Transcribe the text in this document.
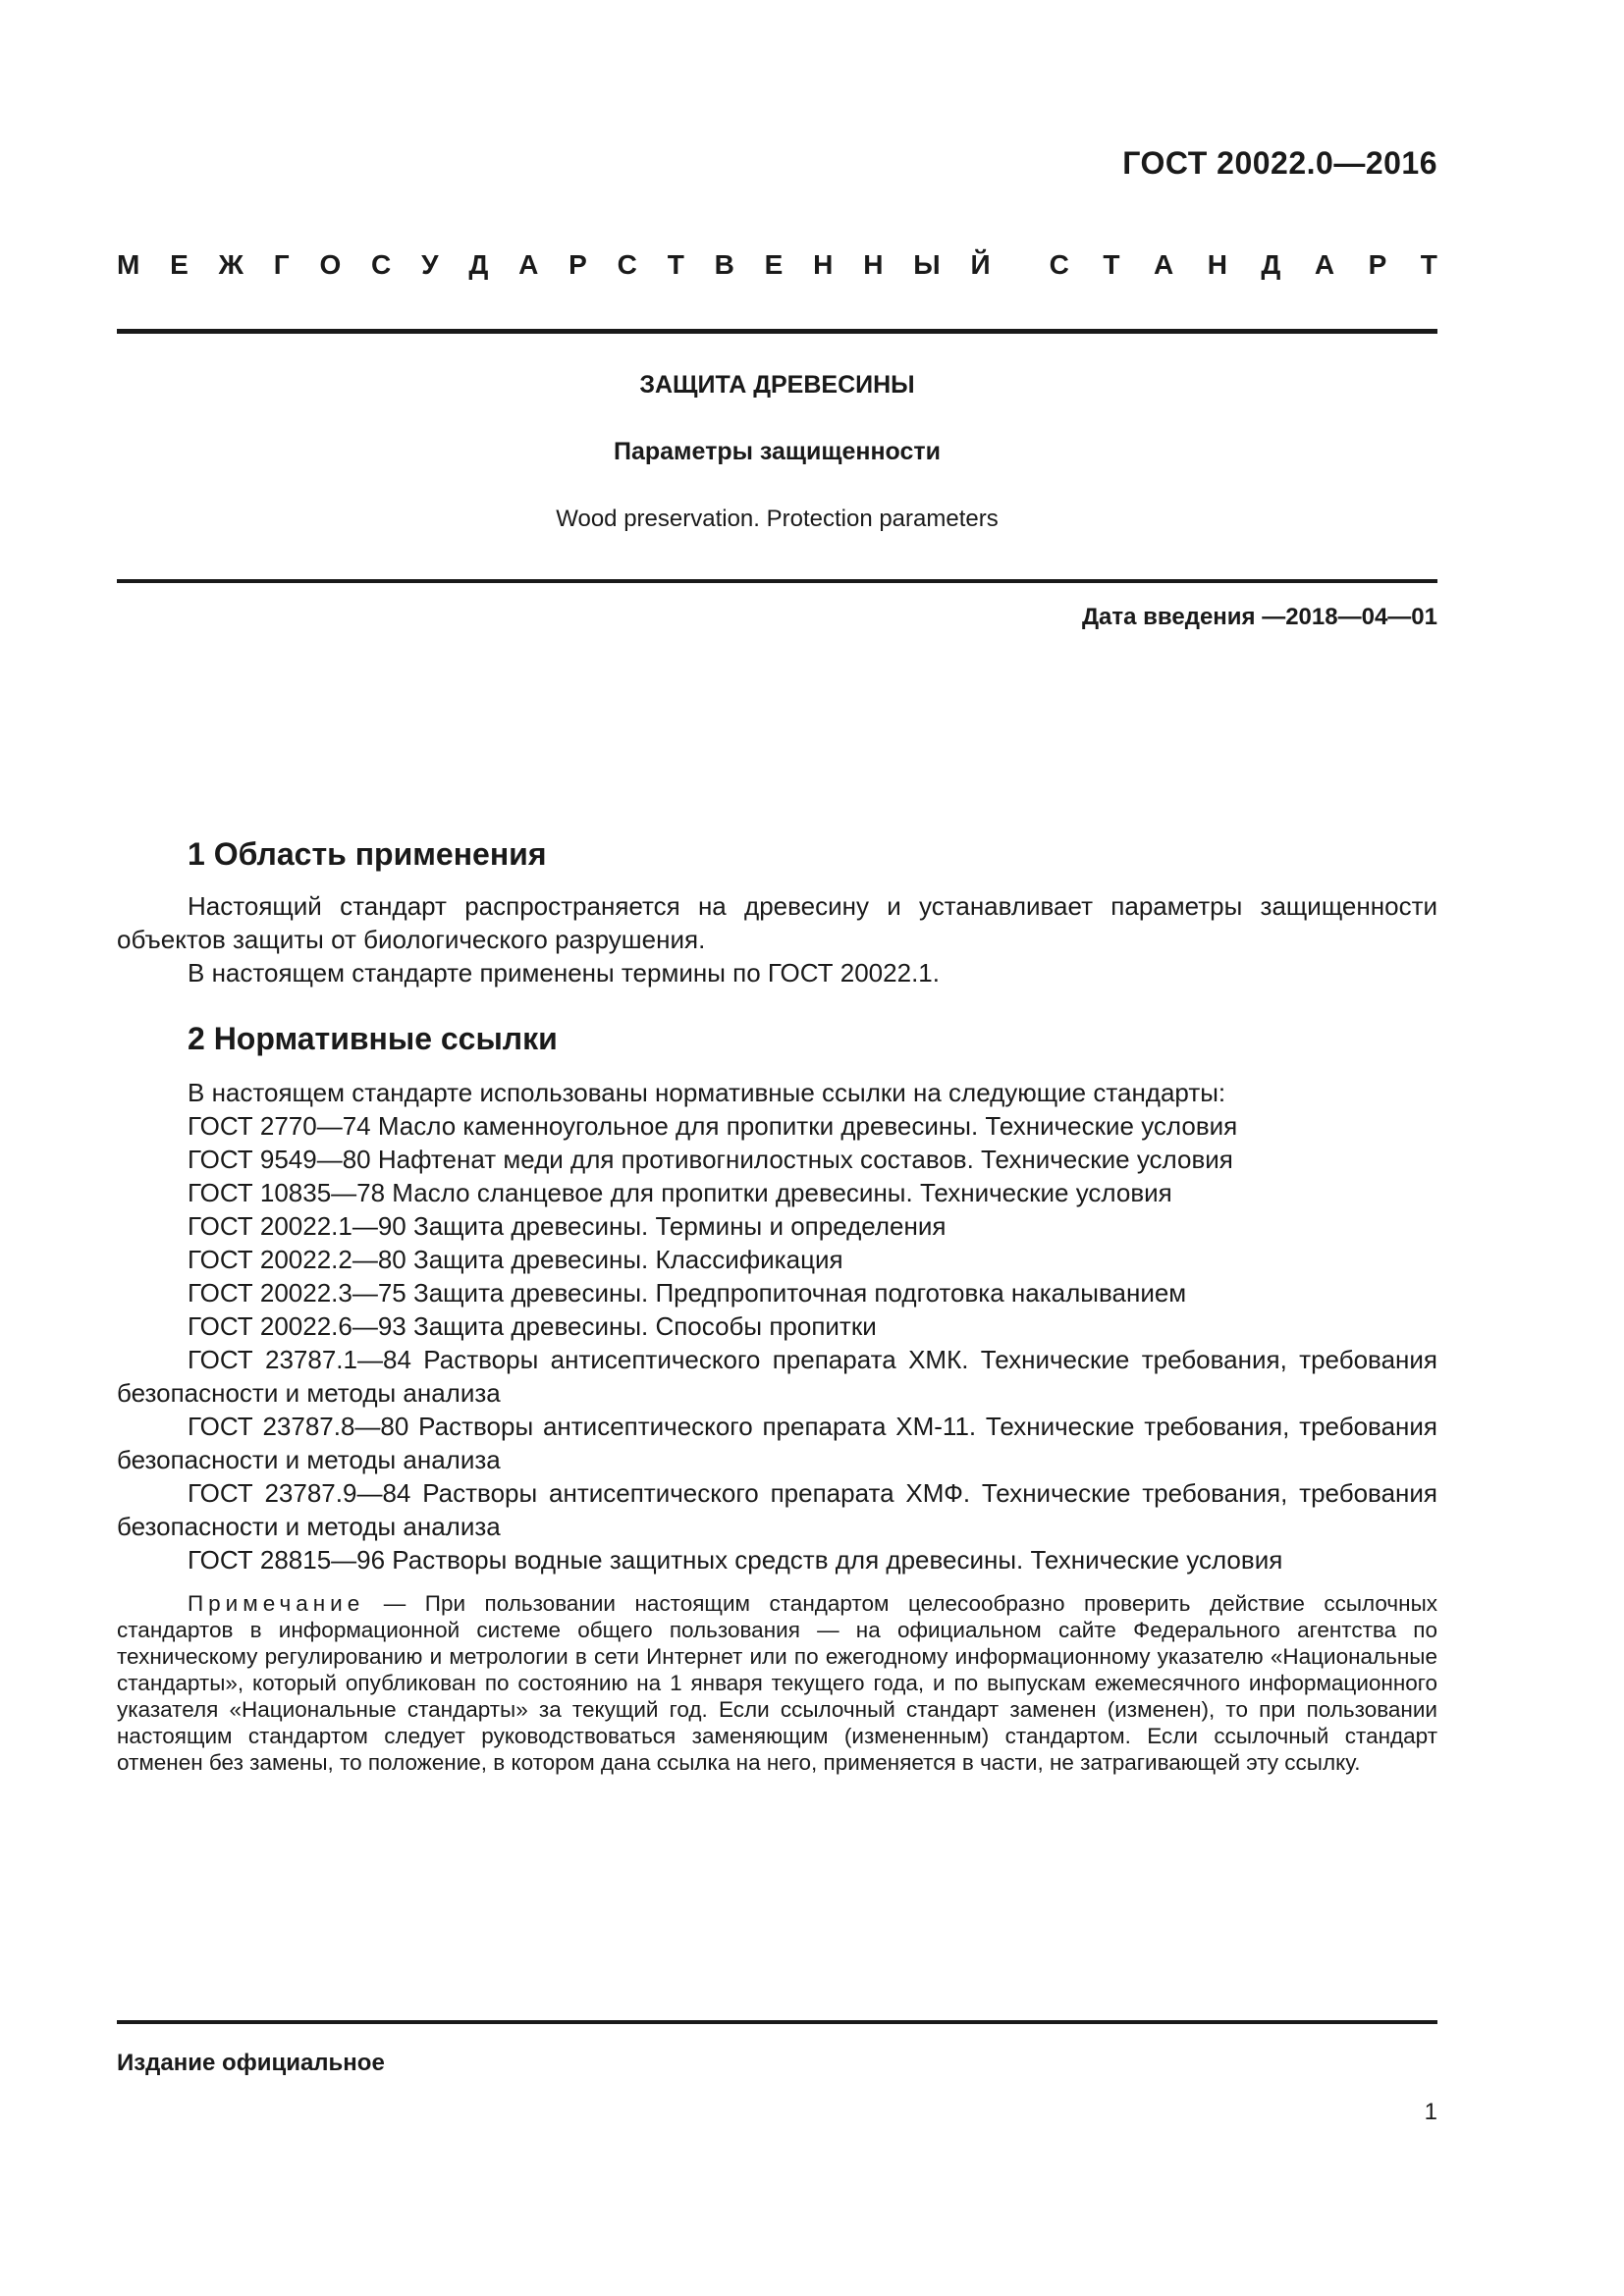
ГОСТ 20022.0—2016
М Е Ж Г О С У Д А Р С Т В Е Н Н Ы Й С Т А Н Д А Р Т
ЗАЩИТА ДРЕВЕСИНЫ
Параметры защищенности
Wood preservation. Protection parameters
Дата введения —2018—04—01
1 Область применения

Настоящий стандарт распространяется на древесину и устанавливает параметры защищенности объектов защиты от биологического разрушения.

В настоящем стандарте применены термины по ГОСТ 20022.1.

2 Нормативные ссылки

В настоящем стандарте использованы нормативные ссылки на следующие стандарты:

ГОСТ 2770—74 Масло каменноугольное для пропитки древесины. Технические условия

ГОСТ 9549—80 Нафтенат меди для противогнилостных составов. Технические условия

ГОСТ 10835—78 Масло сланцевое для пропитки древесины. Технические условия

ГОСТ 20022.1—90 Защита древесины. Термины и определения

ГОСТ 20022.2—80 Защита древесины. Классификация

ГОСТ 20022.3—75 Защита древесины. Предпропиточная подготовка накалыванием

ГОСТ 20022.6—93 Защита древесины. Способы пропитки

ГОСТ 23787.1—84 Растворы антисептического препарата ХМК. Технические требования, требования безопасности и методы анализа

ГОСТ 23787.8—80 Растворы антисептического препарата ХМ-11. Технические требования, требования безопасности и методы анализа

ГОСТ 23787.9—84 Растворы антисептического препарата ХМФ. Технические требования, требования безопасности и методы анализа

ГОСТ 28815—96 Растворы водные защитных средств для древесины. Технические условия

Примечание — При пользовании настоящим стандартом целесообразно проверить действие ссылочных стандартов в информационной системе общего пользования — на официальном сайте Федерального агентства по техническому регулированию и метрологии в сети Интернет или по ежегодному информационному указателю «Национальные стандарты», который опубликован по состоянию на 1 января текущего года, и по выпускам ежемесячного информационного указателя «Национальные стандарты» за текущий год. Если ссылочный стандарт заменен (изменен), то при пользовании настоящим стандартом следует руководствоваться заменяющим (измененным) стандартом. Если ссылочный стандарт отменен без замены, то положение, в котором дана ссылка на него, применяется в части, не затрагивающей эту ссылку.

Издание официальное
1
